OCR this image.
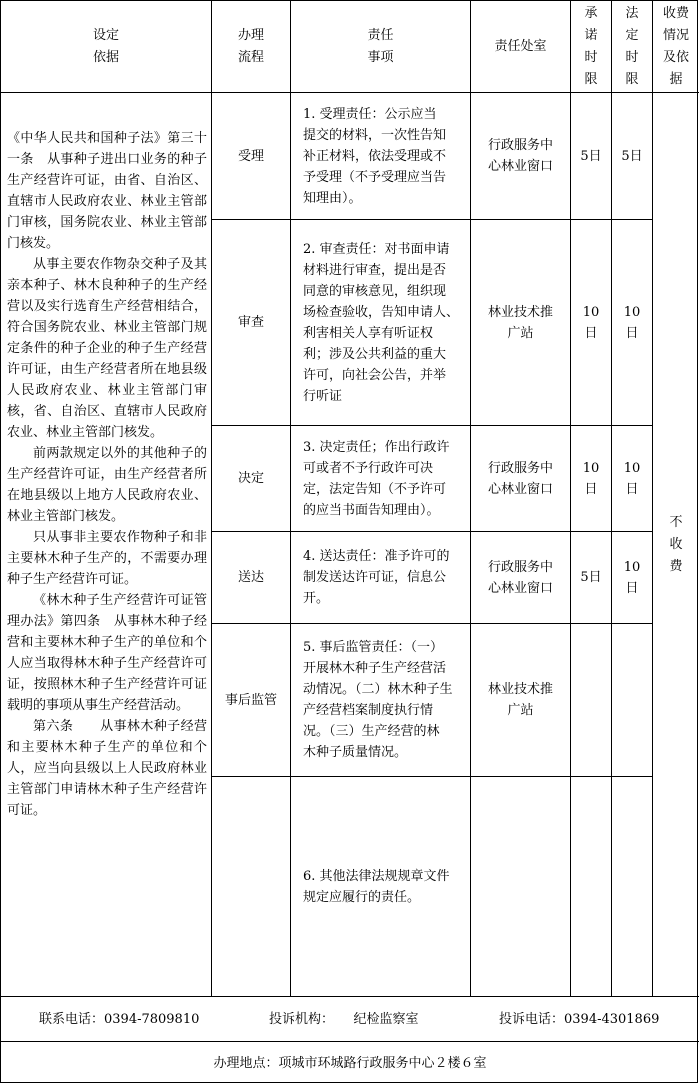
设定
依据
办理
流程
责任
事项
责任处室
承
诺
时
限
法
定
时
限
收费
情况
及依
据

《中华人民共和国种子法》第三十一条　从事种子进出口业务的种子生产经营许可证，由省、自治区、直辖市人民政府农业、林业主管部门审核，国务院农业、林业主管部门核发。

从事主要农作物杂交种子及其亲本种子、林木良种种子的生产经营以及实行选育生产经营相结合，符合国务院农业、林业主管部门规定条件的种子企业的种子生产经营许可证，由生产经营者所在地县级人民政府农业、林业主管部门审核，省、自治区、直辖市人民政府农业、林业主管部门核发。

前两款规定以外的其他种子的生产经营许可证，由生产经营者所在地县级以上地方人民政府农业、林业主管部门核发。

只从事非主要农作物种子和非主要林木种子生产的，不需要办理种子生产经营许可证。

《林木种子生产经营许可证管理办法》第四条　从事林木种子经营和主要林木种子生产的单位和个人应当取得林木种子生产经营许可证，按照林木种子生产经营许可证载明的事项从事生产经营活动。

第六条　　从事林木种子经营和主要林木种子生产的单位和个人，应当向县级以上人民政府林业主管部门申请林木种子生产经营许可证。

受理
1. 受理责任：公示应当
提交的材料，一次性告知
补正材料，依法受理或不
予受理（不予受理应当告
知理由）。
行政服务中
心林业窗口
5日 5日
审查
2. 审查责任：对书面申请
材料进行审查，提出是否
同意的审核意见，组织现
场检查验收，告知申请人、
利害相关人享有听证权
利；涉及公共利益的重大
许可，向社会公告，并举
行听证
林业技术推
广站
10
日
10
日
决定
3. 决定责任；作出行政许
可或者不予行政许可决
定，法定告知（不予许可
的应当书面告知理由）。
行政服务中
心林业窗口
10
日
10
日
送达
4. 送达责任：准予许可的
制发送达许可证，信息公
开。
行政服务中
心林业窗口
5日
10
日
事后监管
5. 事后监管责任：（一）
开展林木种子生产经营活
动情况。（二）林木种子生
产经营档案制度执行情
况。（三）生产经营的林
木种子质量情况。
林业技术推
广站
6. 其他法律法规规章文件
规定应履行的责任。
不
收
费
联系电话：0394-7809810	投诉机构：　　纪检监察室	投诉电话：0394-4301869
办理地点：项城市环城路行政服务中心２楼６室
